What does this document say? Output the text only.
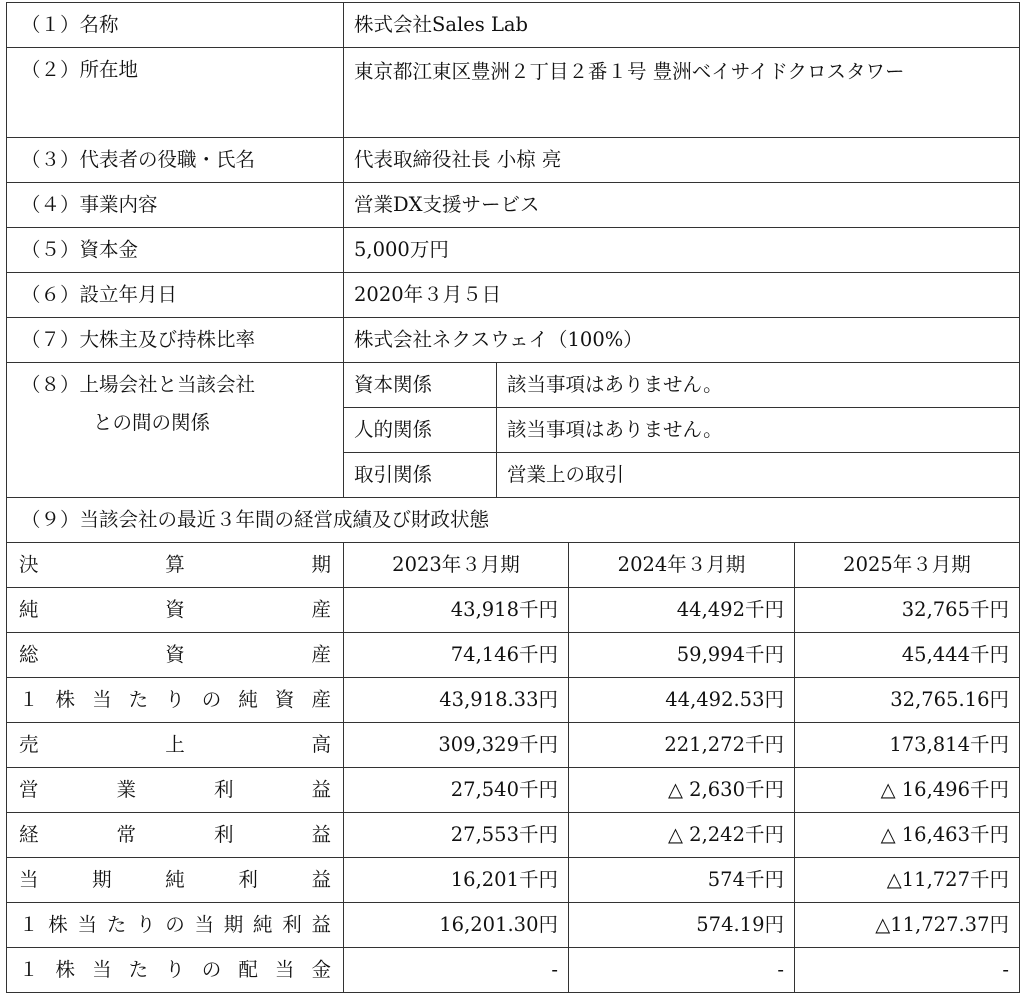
（１）名称	株式会社Sales Lab	
（２）所在地	東京都江東区豊洲２丁目２番１号 豊洲ベイサイドクロスタワー	
（３）代表者の役職・氏名	代表取締役社長 小椋 亮	
（４）事業内容	営業DX支援サービス	
（５）資本金	5,000万円	
（６）設立年月日	2020年３月５日	
（７）大株主及び持株比率	株式会社ネクスウェイ（100%）	
（８）上場会社と当該会社
との間の関係	資本関係	該当事項はありません。
	人的関係	該当事項はありません。
	取引関係	営業上の取引
（９）当該会社の最近３年間の経営成績及び財政状態		
決算期	2023年３月期	2024年３月期	2025年３月期
純資産	43,918千円	44,492千円	32,765千円
総資産	74,146千円	59,994千円	45,444千円
１株当たりの純資産	43,918.33円	44,492.53円	32,765.16円
売上高	309,329千円	221,272千円	173,814千円
営業利益	27,540千円	△ 2,630千円	△ 16,496千円
経常利益	27,553千円	△ 2,242千円	△ 16,463千円
当期純利益	16,201千円	574千円	△11,727千円
１株当たりの当期純利益	16,201.30円	574.19円	△11,727.37円
１株当たりの配当金	-	-	-
